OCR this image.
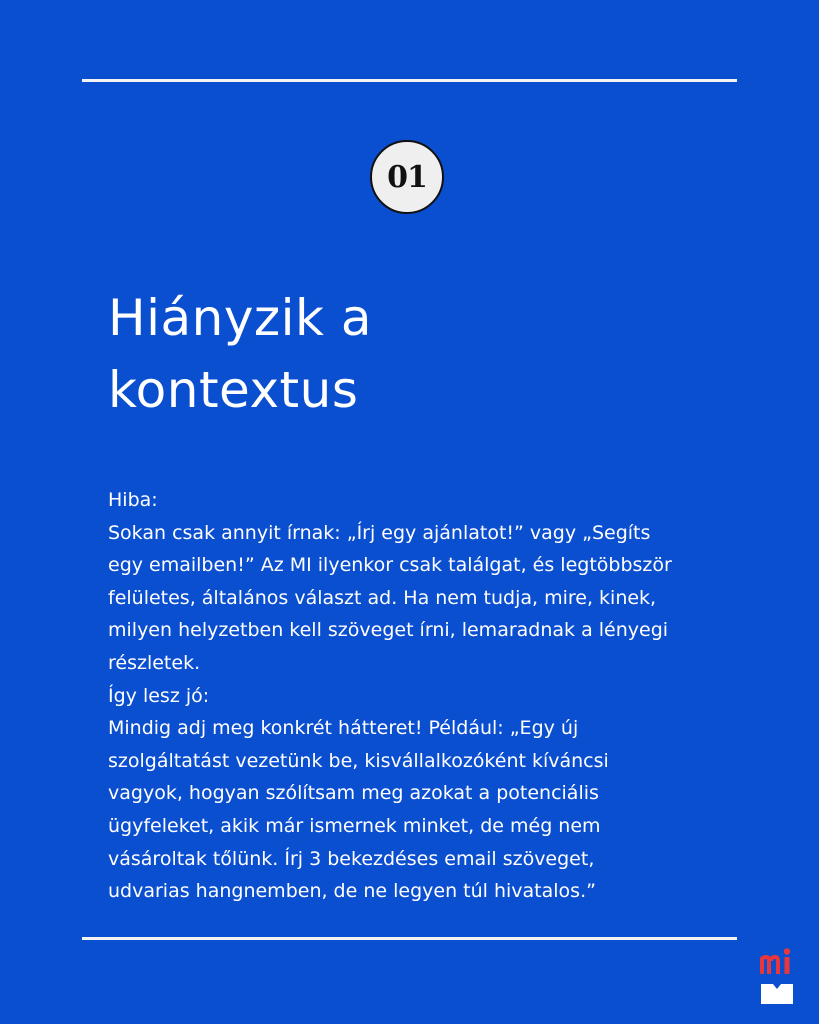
01
Hiányzik a
kontextus
Hiba:
Sokan csak annyit írnak: „Írj egy ajánlatot!” vagy „Segíts
egy emailben!” Az MI ilyenkor csak találgat, és legtöbbször
felületes, általános választ ad. Ha nem tudja, mire, kinek,
milyen helyzetben kell szöveget írni, lemaradnak a lényegi
részletek.
Így lesz jó:
Mindig adj meg konkrét hátteret! Például: „Egy új
szolgáltatást vezetünk be, kisvállalkozóként kíváncsi
vagyok, hogyan szólítsam meg azokat a potenciális
ügyfeleket, akik már ismernek minket, de még nem
vásároltak tőlünk. Írj 3 bekezdéses email szöveget,
udvarias hangnemben, de ne legyen túl hivatalos.”
